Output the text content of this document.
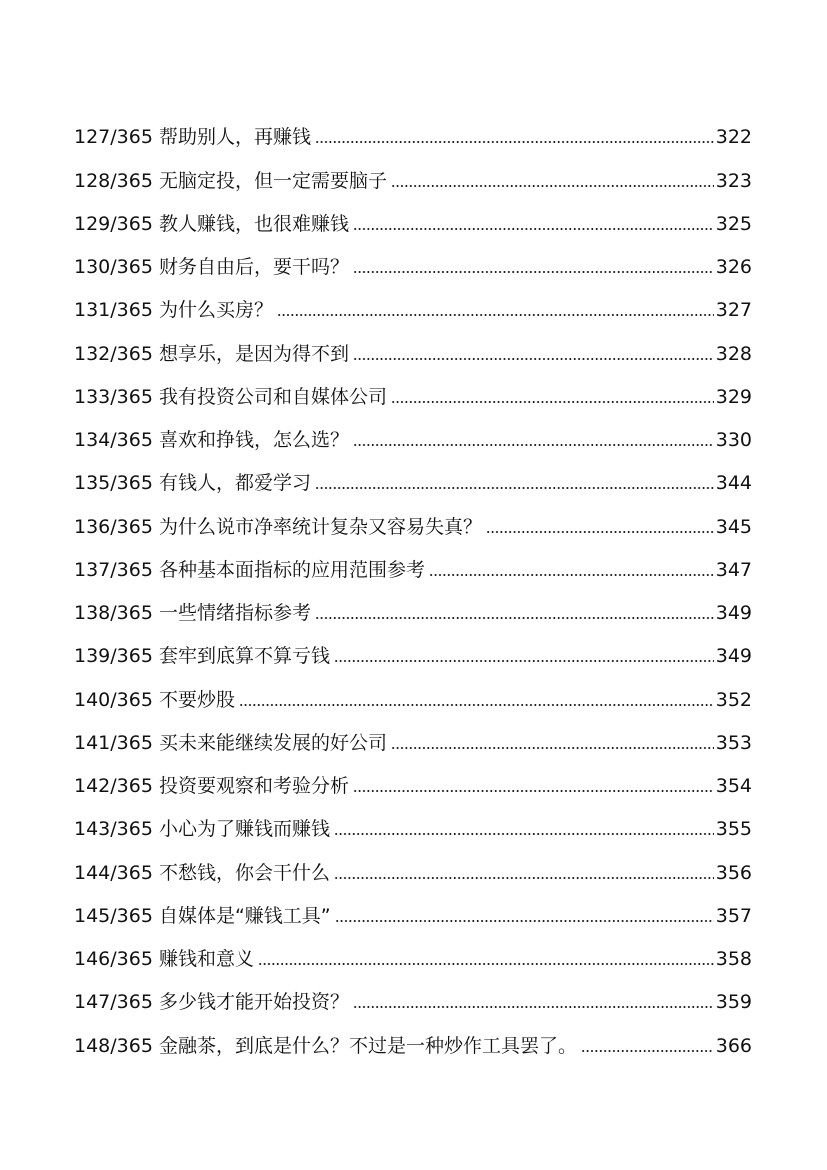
127/365 帮助别人，再赚钱	322
128/365 无脑定投，但一定需要脑子	323
129/365 教人赚钱，也很难赚钱	325
130/365 财务自由后，要干吗？	326
131/365 为什么买房？	327
132/365 想享乐，是因为得不到	328
133/365 我有投资公司和自媒体公司	329
134/365 喜欢和挣钱，怎么选？	330
135/365 有钱人，都爱学习	344
136/365 为什么说市净率统计复杂又容易失真？	345
137/365 各种基本面指标的应用范围参考	347
138/365 一些情绪指标参考	349
139/365 套牢到底算不算亏钱	349
140/365 不要炒股	352
141/365 买未来能继续发展的好公司	353
142/365 投资要观察和考验分析	354
143/365 小心为了赚钱而赚钱	355
144/365 不愁钱，你会干什么	356
145/365 自媒体是“赚钱工具”	357
146/365 赚钱和意义	358
147/365 多少钱才能开始投资？	359
148/365 金融茶，到底是什么？不过是一种炒作工具罢了。	366
